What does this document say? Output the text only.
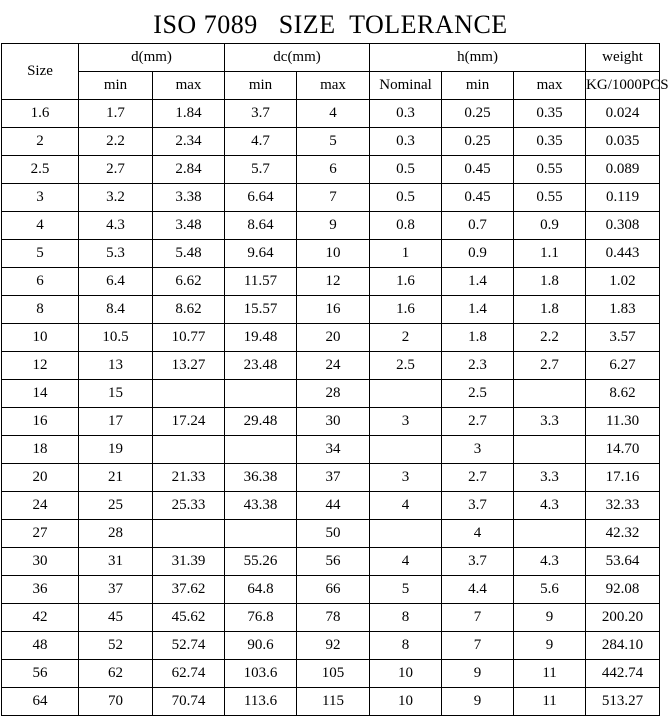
ISO 7089   SIZE  TOLERANCE
Size	d(mm)		dc(mm)		h(mm)			weight
	min	max	min	max	Nominal	min	max	KG/1000PCS
1.6	1.7	1.84	3.7	4	0.3	0.25	0.35	0.024
2	2.2	2.34	4.7	5	0.3	0.25	0.35	0.035
2.5	2.7	2.84	5.7	6	0.5	0.45	0.55	0.089
3	3.2	3.38	6.64	7	0.5	0.45	0.55	0.119
4	4.3	3.48	8.64	9	0.8	0.7	0.9	0.308
5	5.3	5.48	9.64	10	1	0.9	1.1	0.443
6	6.4	6.62	11.57	12	1.6	1.4	1.8	1.02
8	8.4	8.62	15.57	16	1.6	1.4	1.8	1.83
10	10.5	10.77	19.48	20	2	1.8	2.2	3.57
12	13	13.27	23.48	24	2.5	2.3	2.7	6.27
14	15			28		2.5		8.62
16	17	17.24	29.48	30	3	2.7	3.3	11.30
18	19			34		3		14.70
20	21	21.33	36.38	37	3	2.7	3.3	17.16
24	25	25.33	43.38	44	4	3.7	4.3	32.33
27	28			50		4		42.32
30	31	31.39	55.26	56	4	3.7	4.3	53.64
36	37	37.62	64.8	66	5	4.4	5.6	92.08
42	45	45.62	76.8	78	8	7	9	200.20
48	52	52.74	90.6	92	8	7	9	284.10
56	62	62.74	103.6	105	10	9	11	442.74
64	70	70.74	113.6	115	10	9	11	513.27
